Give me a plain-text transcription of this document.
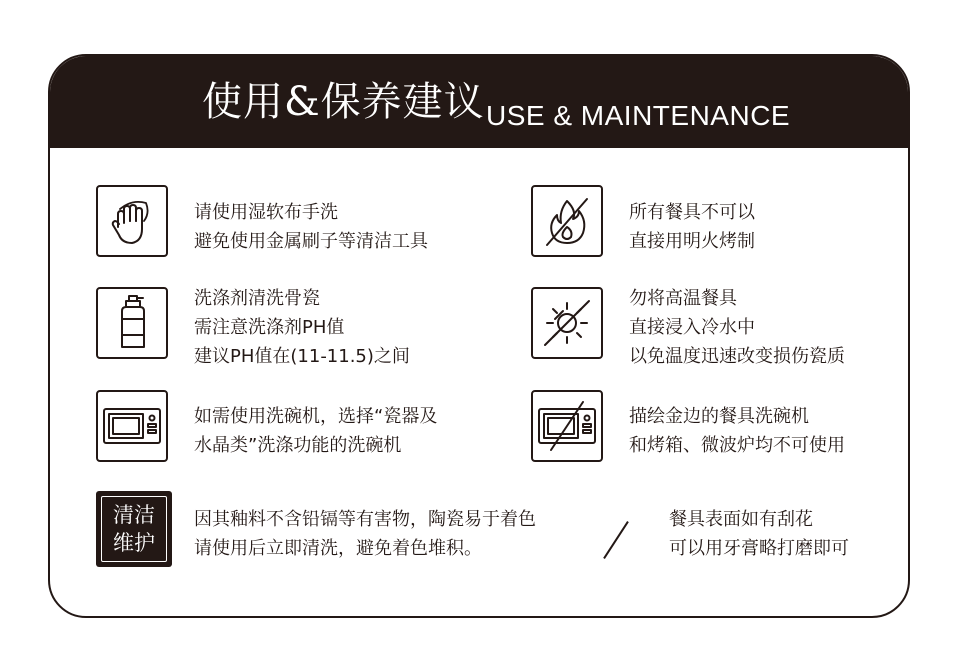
使用&保养建议 USE & MAINTENANCE
请使用湿软布手洗
避免使用金属刷子等清洁工具
所有餐具不可以
直接用明火烤制
洗涤剂清洗骨瓷
需注意洗涤剂PH值
建议PH值在(11-11.5)之间
勿将高温餐具
直接浸入冷水中
以免温度迅速改变损伤瓷质
如需使用洗碗机，选择“瓷器及
水晶类”洗涤功能的洗碗机
描绘金边的餐具洗碗机
和烤箱、微波炉均不可使用
清洁
维护
因其釉料不含铅镉等有害物，陶瓷易于着色
请使用后立即清洗，避免着色堆积。
餐具表面如有刮花
可以用牙膏略打磨即可
